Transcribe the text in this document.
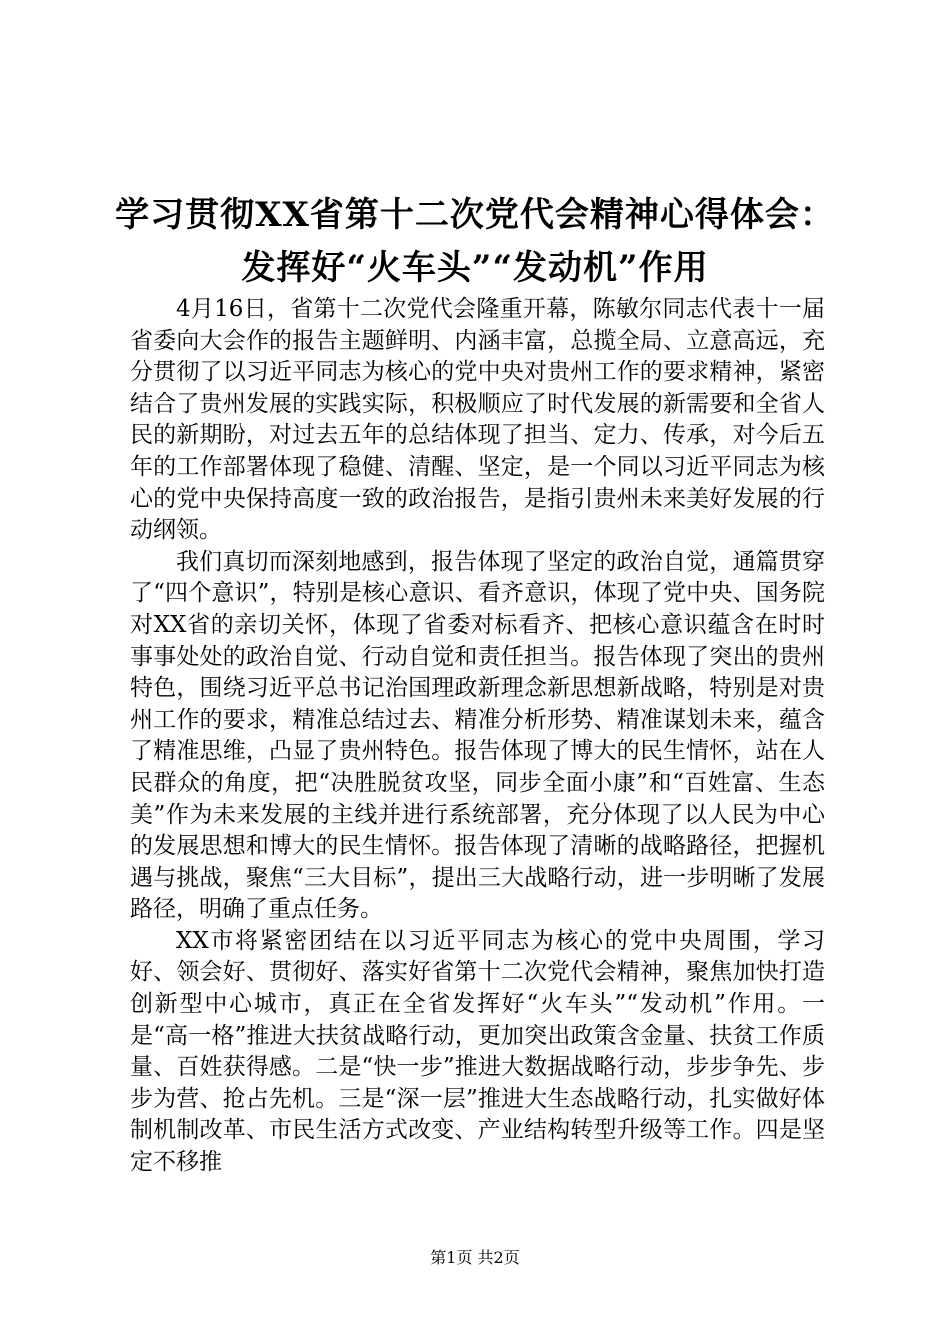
学习贯彻XX省第十二次党代会精神心得体会：
发挥好“火车头”“发动机”作用

4月16日，省第十二次党代会隆重开幕，陈敏尔同志代表十一届省委向大会作的报告主题鲜明、内涵丰富，总揽全局、立意高远，充分贯彻了以习近平同志为核心的党中央对贵州工作的要求精神，紧密结合了贵州发展的实践实际，积极顺应了时代发展的新需要和全省人民的新期盼，对过去五年的总结体现了担当、定力、传承，对今后五年的工作部署体现了稳健、清醒、坚定，是一个同以习近平同志为核心的党中央保持高度一致的政治报告，是指引贵州未来美好发展的行动纲领。

我们真切而深刻地感到，报告体现了坚定的政治自觉，通篇贯穿了“四个意识”，特别是核心意识、看齐意识，体现了党中央、国务院对XX省的亲切关怀，体现了省委对标看齐、把核心意识蕴含在时时事事处处的政治自觉、行动自觉和责任担当。报告体现了突出的贵州特色，围绕习近平总书记治国理政新理念新思想新战略，特别是对贵州工作的要求，精准总结过去、精准分析形势、精准谋划未来，蕴含了精准思维，凸显了贵州特色。报告体现了博大的民生情怀，站在人民群众的角度，把“决胜脱贫攻坚，同步全面小康”和“百姓富、生态美”作为未来发展的主线并进行系统部署，充分体现了以人民为中心的发展思想和博大的民生情怀。报告体现了清晰的战略路径，把握机遇与挑战，聚焦“三大目标”，提出三大战略行动，进一步明晰了发展路径，明确了重点任务。

XX市将紧密团结在以习近平同志为核心的党中央周围，学习好、领会好、贯彻好、落实好省第十二次党代会精神，聚焦加快打造创新型中心城市，真正在全省发挥好“火车头”“发动机”作用。一是“高一格”推进大扶贫战略行动，更加突出政策含金量、扶贫工作质量、百姓获得感。二是“快一步”推进大数据战略行动，步步争先、步步为营、抢占先机。三是“深一层”推进大生态战略行动，扎实做好体制机制改革、市民生活方式改变、产业结构转型升级等工作。四是坚定不移推

第1页 共2页
